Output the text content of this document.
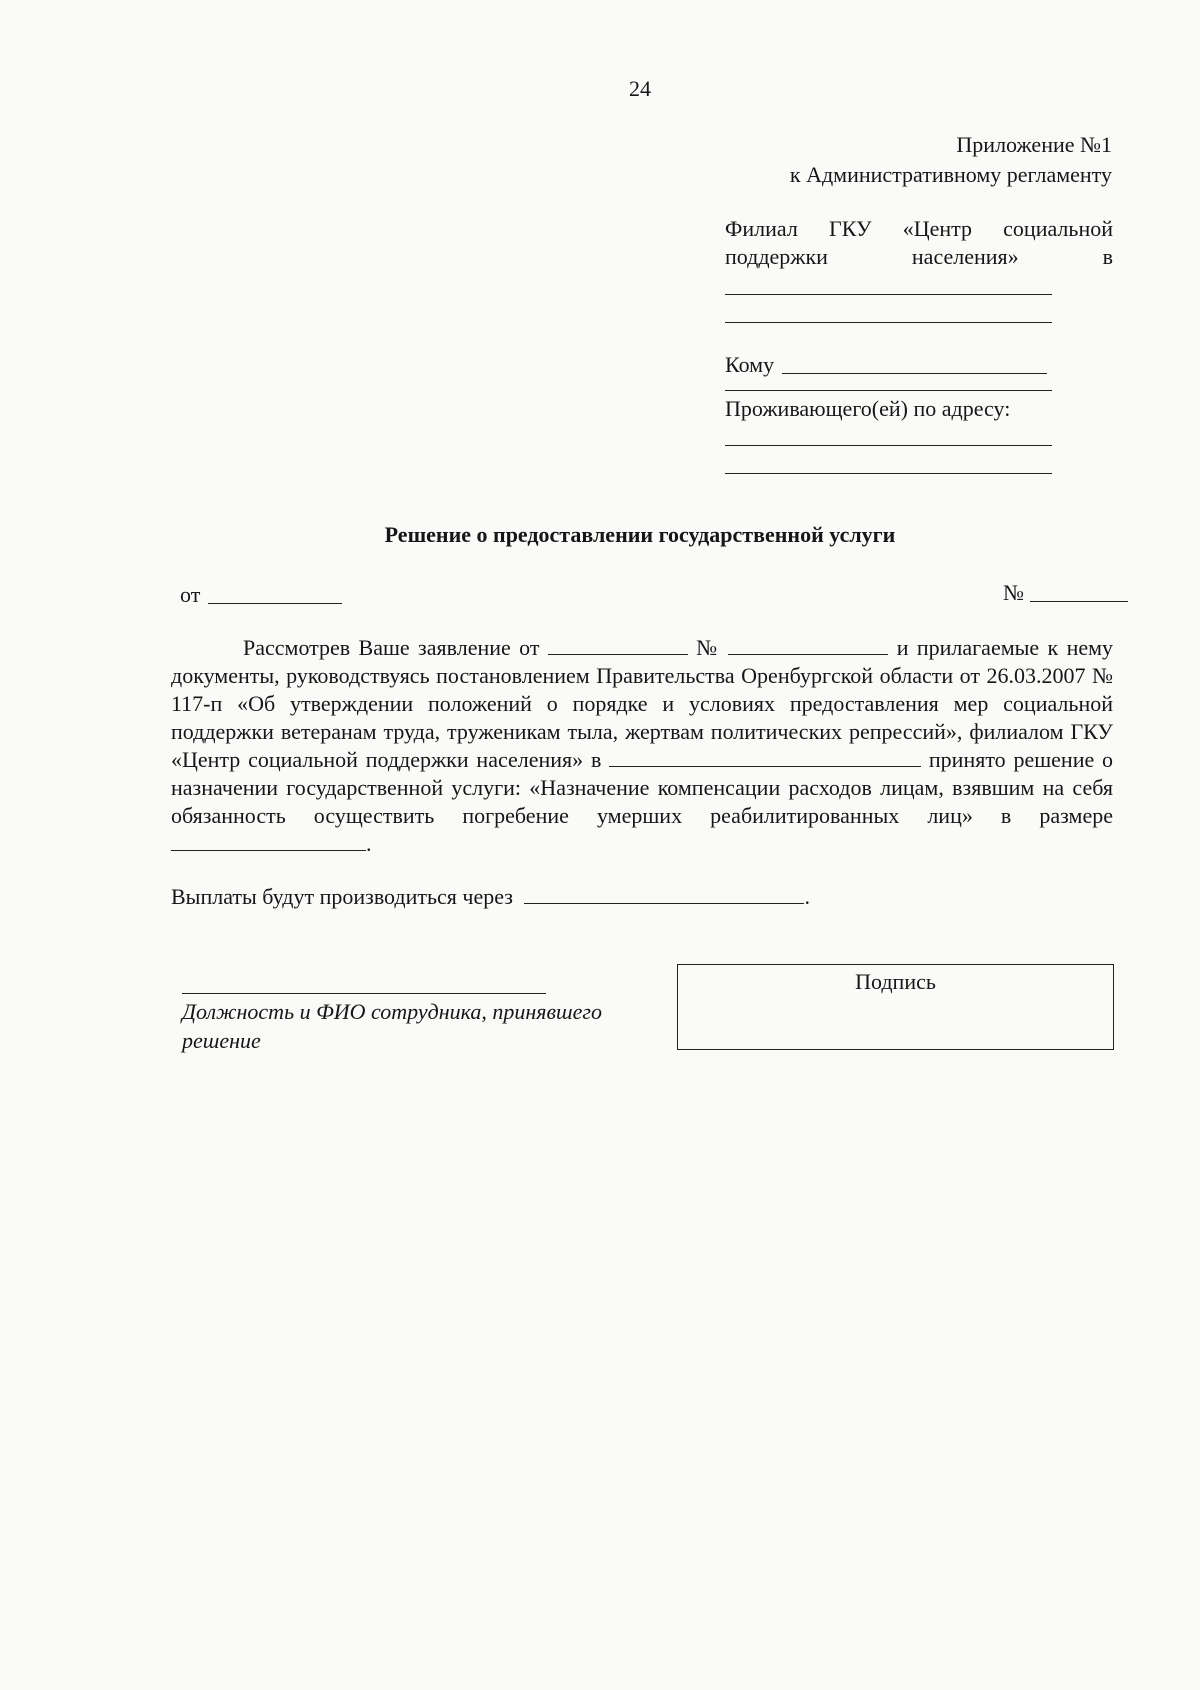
24
Приложение №1
к Административному регламенту
Филиал ГКУ «Центр социальной поддержки населения» в
Кому
Проживающего(ей) по адресу:
Решение о предоставлении государственной услуги
от	№

Рассмотрев Ваше заявление от	№	и прилагаемые к нему документы, руководствуясь постановлением Правительства Оренбургской области от 26.03.2007 № 117-п «Об утверждении положений о порядке и условиях предоставления мер социальной поддержки ветеранам труда, труженикам тыла, жертвам политических репрессий», филиалом ГКУ «Центр социальной поддержки населения» в	принято решение о назначении государственной услуги: «Назначение компенсации расходов лицам, взявшим на себя обязанность осуществить погребение умерших реабилитированных лиц» в размере .

Выплаты будут производиться через	.
Должность и ФИО сотрудника, принявшего решение
Подпись
